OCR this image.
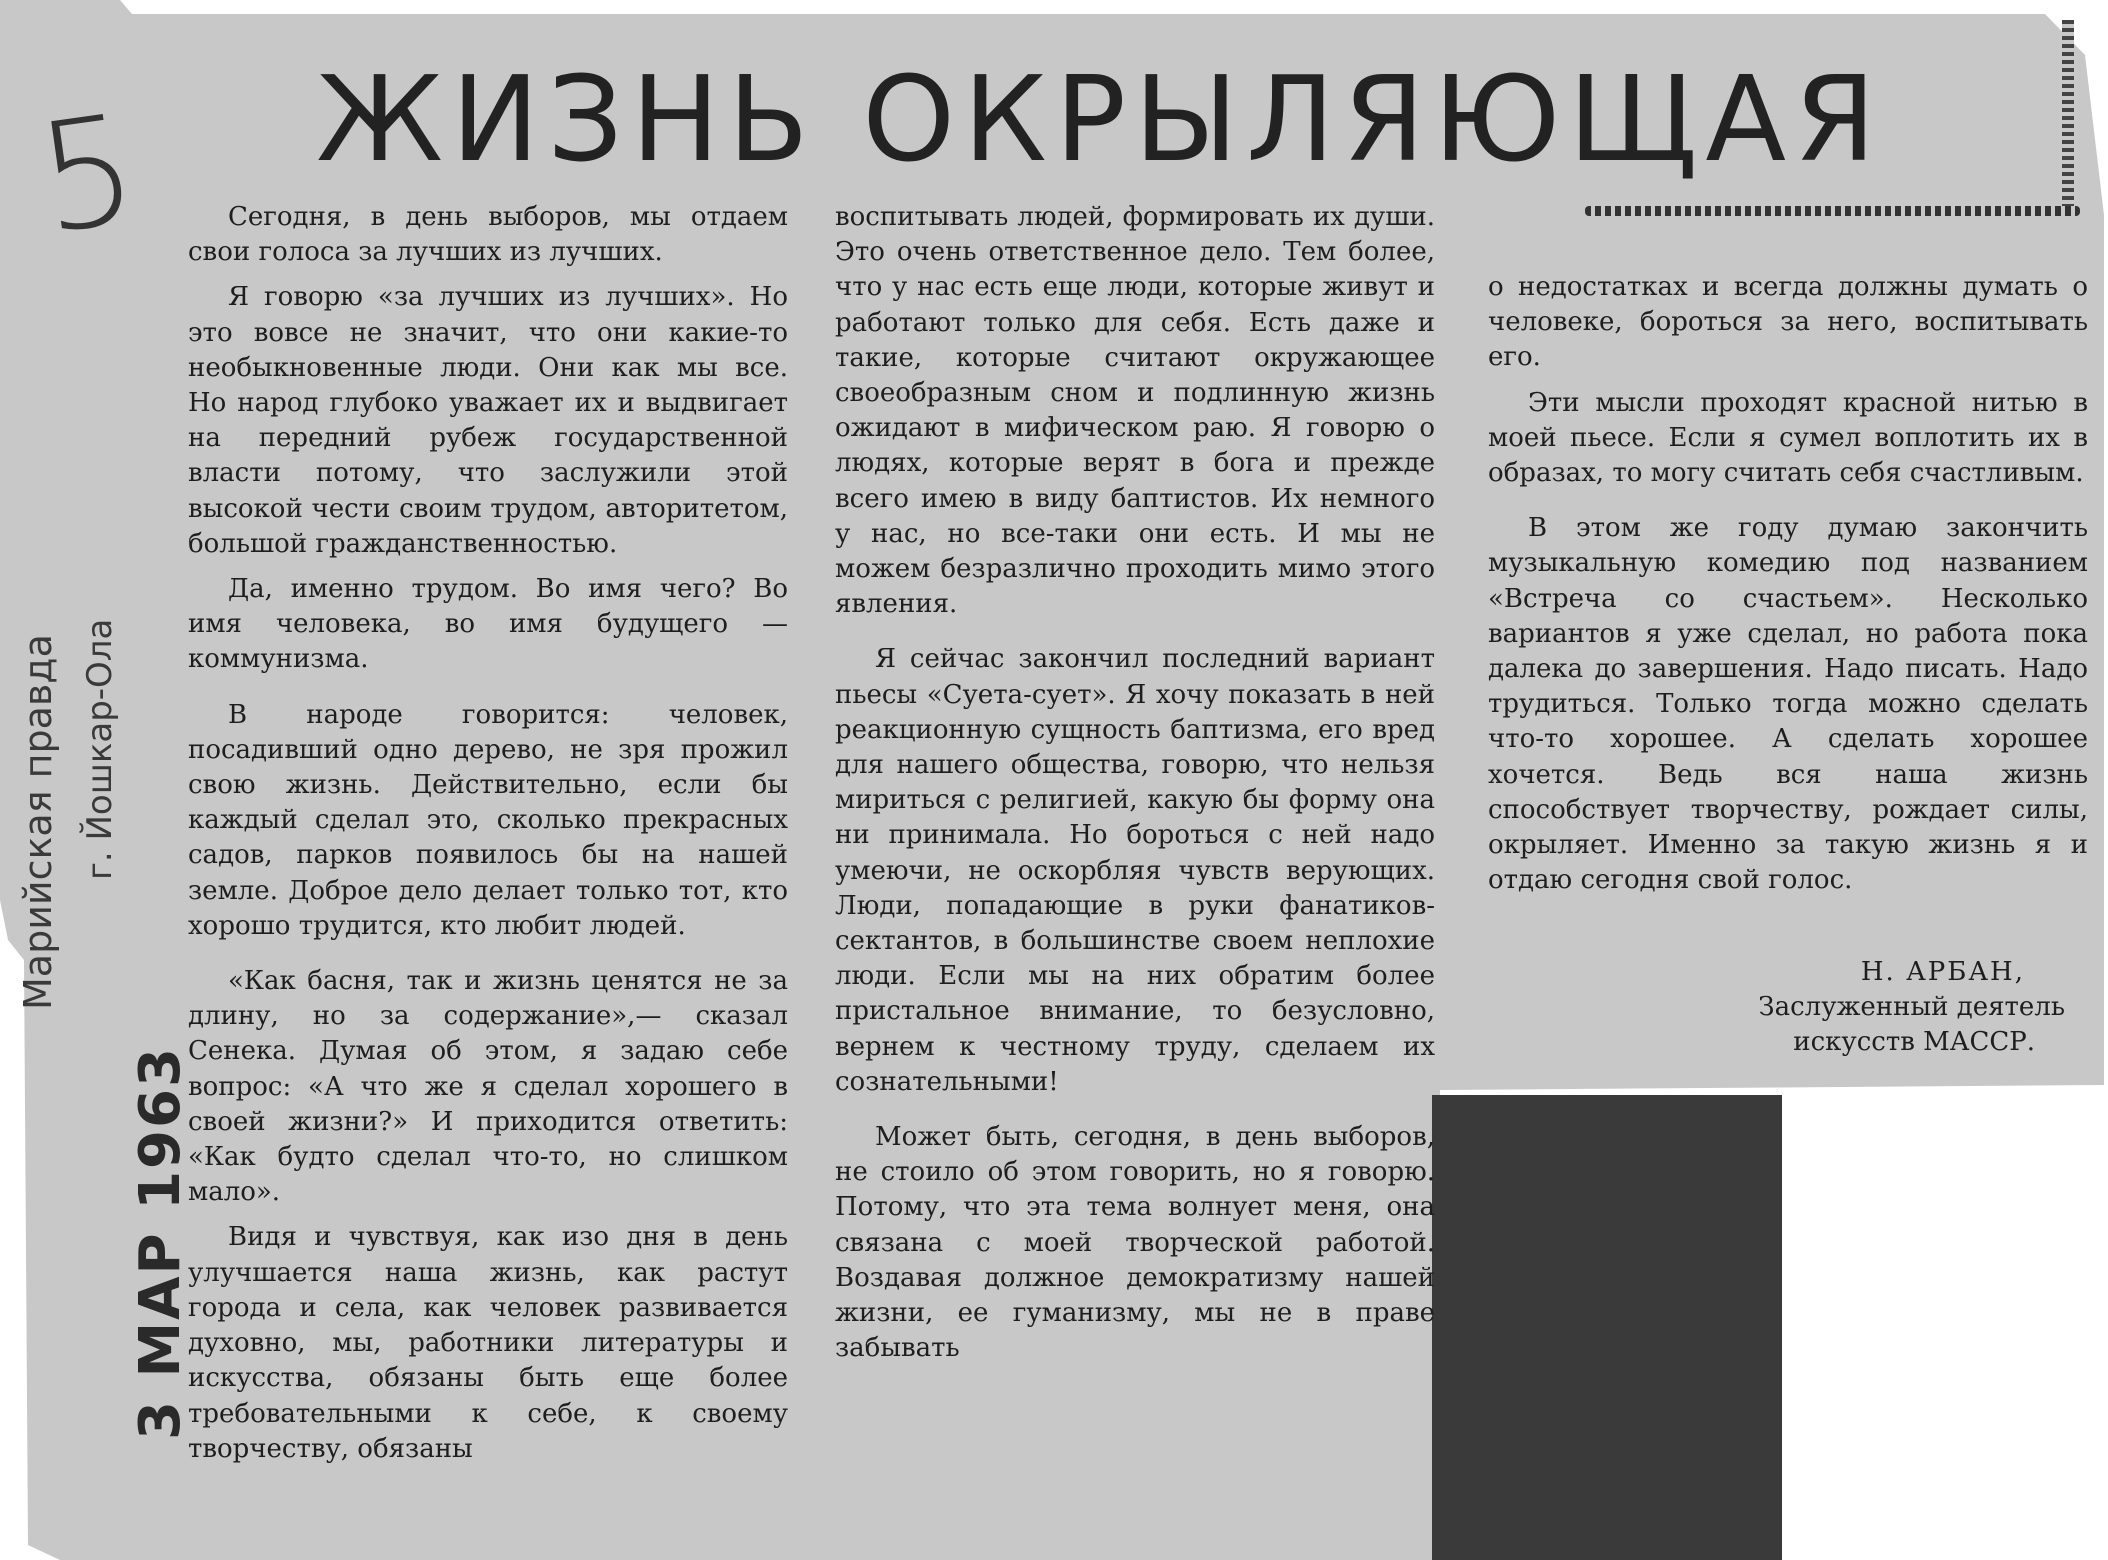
5
Марийская правда г. Йошкар-Ола
3 МАР 1963
ЖИЗНЬ ОКРЫЛЯЮЩАЯ

Сегодня, в день выборов, мы отдаем свои голоса за лучших из лучших.

Я говорю «за лучших из лучших». Но это вовсе не значит, что они какие-то необыкновенные люди. Они как мы все. Но народ глубоко уважает их и выдвигает на передний рубеж государственной власти потому, что заслужили этой высокой чести своим трудом, авторитетом, большой гражданственностью.

Да, именно трудом. Во имя чего? Во имя человека, во имя будущего — коммунизма.

В народе говорится: человек, посадивший одно дерево, не зря прожил свою жизнь. Действительно, если бы каждый сделал это, сколько прекрасных садов, парков появилось бы на нашей земле. Доброе дело делает только тот, кто хорошо трудится, кто любит людей.

«Как басня, так и жизнь ценятся не за длину, но за содержание»,— сказал Сенека. Думая об этом, я задаю себе вопрос: «А что же я сделал хорошего в своей жизни?» И приходится ответить: «Как будто сделал что-то, но слишком мало».

Видя и чувствуя, как изо дня в день улучшается наша жизнь, как растут города и села, как человек развивается духовно, мы, работники литературы и искусства, обязаны быть еще более требовательными к себе, к своему творчеству, обязаны

воспитывать людей, формировать их души. Это очень ответственное дело. Тем более, что у нас есть еще люди, которые живут и работают только для себя. Есть даже и такие, которые считают окружающее своеобразным сном и подлинную жизнь ожидают в мифическом раю. Я говорю о людях, которые верят в бога и прежде всего имею в виду баптистов. Их немного у нас, но все-таки они есть. И мы не можем безразлично проходить мимо этого явления.

Я сейчас закончил последний вариант пьесы «Суета-сует». Я хочу показать в ней реакционную сущность баптизма, его вред для нашего общества, говорю, что нельзя мириться с религией, какую бы форму она ни принимала. Но бороться с ней надо умеючи, не оскорбляя чувств верующих. Люди, попадающие в руки фанатиков-сектантов, в большинстве своем неплохие люди. Если мы на них обратим более пристальное внимание, то безусловно, вернем к честному труду, сделаем их сознательными!

Может быть, сегодня, в день выборов, не стоило об этом говорить, но я говорю. Потому, что эта тема волнует меня, она связана с моей творческой работой. Воздавая должное демократизму нашей жизни, ее гуманизму, мы не в праве забывать

о недостатках и всегда должны думать о человеке, бороться за него, воспитывать его.

Эти мысли проходят красной нитью в моей пьесе. Если я сумел воплотить их в образах, то могу считать себя счастливым.

В этом же году думаю закончить музыкальную комедию под названием «Встреча со счастьем». Несколько вариантов я уже сделал, но работа пока далека до завершения. Надо писать. Надо трудиться. Только тогда можно сделать что-то хорошее. А сделать хорошее хочется. Ведь вся наша жизнь способствует творчеству, рождает силы, окрыляет. Именно за такую жизнь я и отдаю сегодня свой голос.

Н. АРБАН,
Заслуженный деятель
искусств МАССР.
